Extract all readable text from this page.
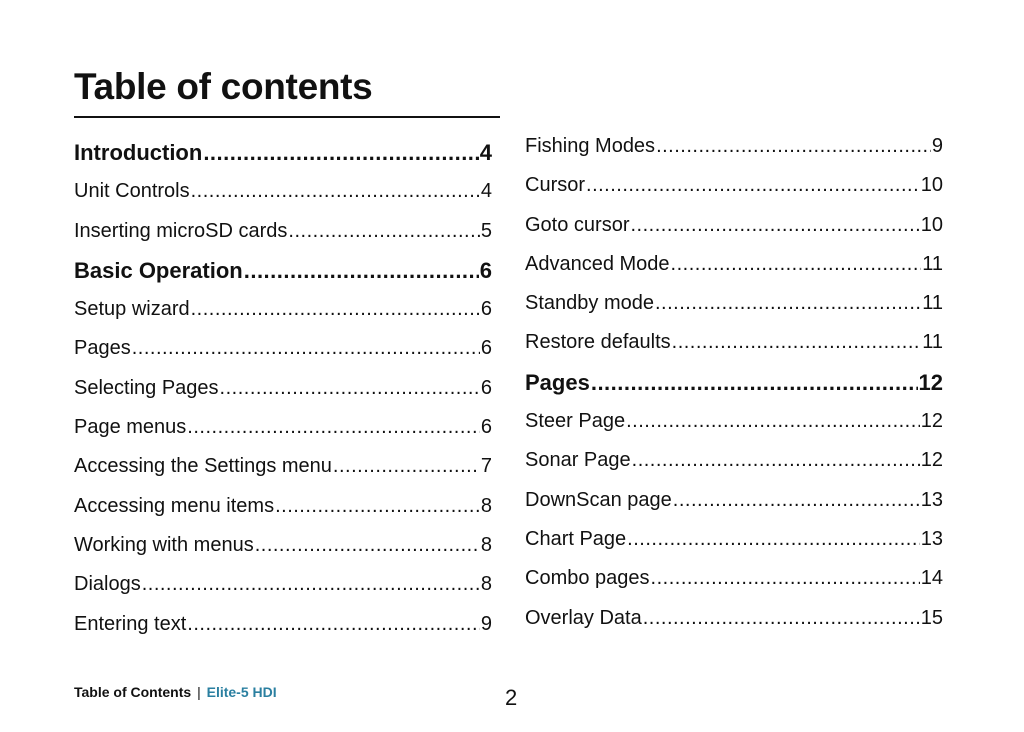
Table of contents
Introduction .....	4
Unit Controls .....	4
Inserting microSD cards .....	5
Basic Operation .....	6
Setup wizard .....	6
Pages .....	6
Selecting Pages .....	6
Page menus .....	6
Accessing the Settings menu .....	7
Accessing menu items .....	8
Working with menus .....	8
Dialogs .....	8
Entering text .....	9
Fishing Modes .....	9
Cursor .....	10
Goto cursor .....	10
Advanced Mode .....	11
Standby mode .....	11
Restore defaults .....	11
Pages .....	12
Steer Page .....	12
Sonar Page .....	12
DownScan page .....	13
Chart Page .....	13
Combo pages .....	14
Overlay Data .....	15
Table of Contents | Elite-5 HDI	2
